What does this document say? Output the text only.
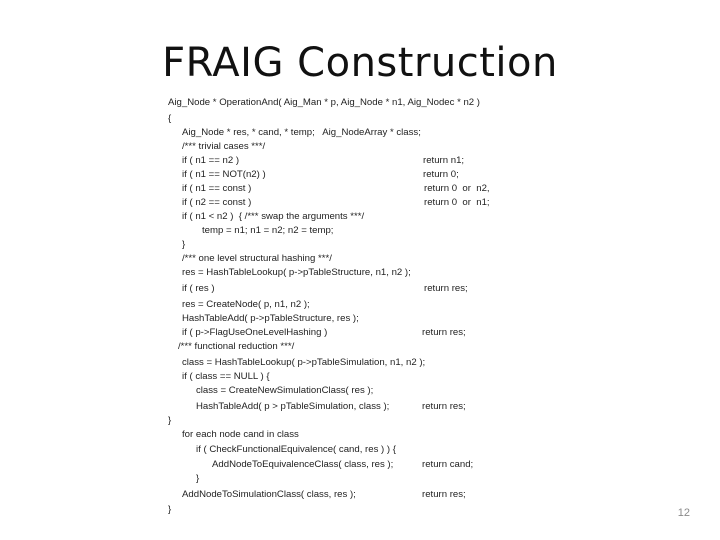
FRAIG Construction

Aig_Node * OperationAnd( Aig_Man * p, Aig_Node * n1, Aig_Nodec * n2 )

{

Aig_Node * res, * cand, * temp;   Aig_NodeArray * class;

/*** trivial cases ***/

if ( n1 == n2 )

	return n1;

if ( n1 == NOT(n2) )

	return 0;

if ( n1 == const )

	return 0  or  n2,

if ( n2 == const )

	return 0  or  n1;

if ( n1 < n2 )  { /*** swap the arguments ***/

temp = n1; n1 = n2; n2 = temp;

}

/*** one level structural hashing ***/

res = HashTableLookup( p->pTableStructure, n1, n2 );

if ( res )

	return res;

res = CreateNode( p, n1, n2 );

HashTableAdd( p->pTableStructure, res );

if ( p->FlagUseOneLevelHashing )

	return res;

/*** functional reduction ***/

class = HashTableLookup( p->pTableSimulation, n1, n2 );

if ( class == NULL ) {

class = CreateNewSimulationClass( res );

HashTableAdd( p > pTableSimulation, class );

	return res;

}

for each node cand in class

if ( CheckFunctionalEquivalence( cand, res ) ) {

AddNodeToEquivalenceClass( class, res );

	return cand;

}

AddNodeToSimulationClass( class, res );

	return res;

}

	12
